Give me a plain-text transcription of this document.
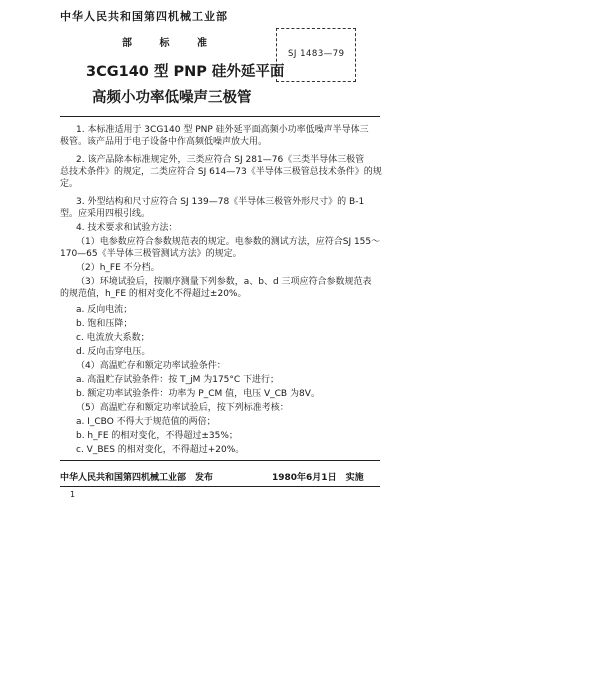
中华人民共和国第四机械工业部
部 标 准
SJ 1483—79
3CG140 型 PNP 硅外延平面
高频小功率低噪声三极管
1. 本标准适用于 3CG140 型 PNP 硅外延平面高频小功率低噪声半导体三
极管。该产品用于电子设备中作高频低噪声放大用。
2. 该产品除本标准规定外，三类应符合 SJ 281—76《三类半导体三极管
总技术条件》的规定，二类应符合 SJ 614—73《半导体三极管总技术条件》的规
定。
3. 外型结构和尺寸应符合 SJ 139—78《半导体三极管外形尺寸》的 B-1
型。应采用四根引线。
4. 技术要求和试验方法：
（1）电参数应符合参数规范表的规定。电参数的测试方法，应符合SJ 155～
170—65《半导体三极管测试方法》的规定。
（2）h_FE 不分档。
（3）环境试验后，按顺序测量下列参数，a、b、d 三项应符合参数规范表
的规范值，h_FE 的相对变化不得超过±20%。
a. 反向电流；
b. 饱和压降；
c. 电流放大系数；
d. 反向击穿电压。
（4）高温贮存和额定功率试验条件：
a. 高温贮存试验条件：按 T_jM 为175°C 下进行；
b. 额定功率试验条件：功率为 P_CM 值，电压 V_CB 为8V。
（5）高温贮存和额定功率试验后，按下列标准考核：
a. I_CBO 不得大于规范值的两倍；
b. h_FE 的相对变化，不得超过±35%；
c. V_BES 的相对变化，不得超过+20%。
中华人民共和国第四机械工业部　发布	1980年6月1日　实施
1
